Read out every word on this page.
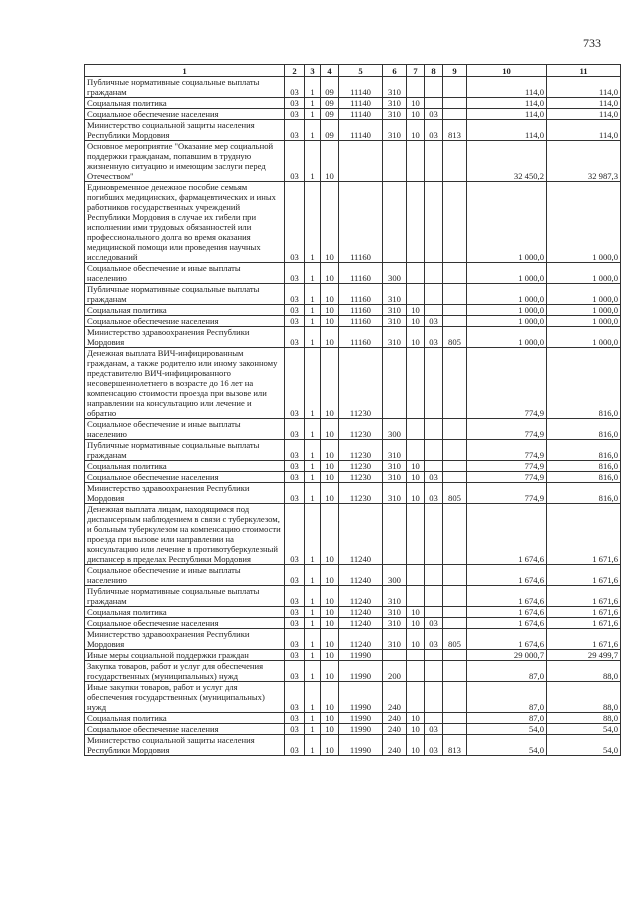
733
1	2	3	4	5	6	7	8	9	10	11
Публичные нормативные социальные выплаты гражданам	03	1	09	11140	310				114,0	114,0
Социальная политика	03	1	09	11140	310	10			114,0	114,0
Социальное обеспечение населения	03	1	09	11140	310	10	03		114,0	114,0
Министерство социальной защиты населения Республики Мордовия	03	1	09	11140	310	10	03	813	114,0	114,0
Основное мероприятие "Оказание мер социальной поддержки гражданам, попавшим в трудную жизненную ситуацию и имеющим заслуги перед Отечеством"	03	1	10						32 450,2	32 987,3
Единовременное денежное пособие семьям погибших медицинских, фармацевтических и иных работников государственных учреждений Республики Мордовия в случае их гибели при исполнении ими трудовых обязанностей или профессионального долга во время оказания медицинской помощи или проведения научных исследований	03	1	10	11160					1 000,0	1 000,0
Социальное обеспечение и иные выплаты населению	03	1	10	11160	300				1 000,0	1 000,0
Публичные нормативные социальные выплаты гражданам	03	1	10	11160	310				1 000,0	1 000,0
Социальная политика	03	1	10	11160	310	10			1 000,0	1 000,0
Социальное обеспечение населения	03	1	10	11160	310	10	03		1 000,0	1 000,0
Министерство здравоохранения Республики Мордовия	03	1	10	11160	310	10	03	805	1 000,0	1 000,0
Денежная выплата ВИЧ-инфицированным гражданам, а также родителю или иному законному представителю ВИЧ-инфицированного несовершеннолетнего в возрасте до 16 лет на компенсацию стоимости проезда при вызове или направлении на консультацию или лечение и обратно	03	1	10	11230					774,9	816,0
Социальное обеспечение и иные выплаты населению	03	1	10	11230	300				774,9	816,0
Публичные нормативные социальные выплаты гражданам	03	1	10	11230	310				774,9	816,0
Социальная политика	03	1	10	11230	310	10			774,9	816,0
Социальное обеспечение населения	03	1	10	11230	310	10	03		774,9	816,0
Министерство здравоохранения Республики Мордовия	03	1	10	11230	310	10	03	805	774,9	816,0
Денежная выплата лицам, находящимся под диспансерным наблюдением в связи с туберкулезом, и больным туберкулезом на компенсацию стоимости проезда при вызове или направлении на консультацию или лечение в противотуберкулезный диспансер в пределах Республики Мордовия	03	1	10	11240					1 674,6	1 671,6
Социальное обеспечение и иные выплаты населению	03	1	10	11240	300				1 674,6	1 671,6
Публичные нормативные социальные выплаты гражданам	03	1	10	11240	310				1 674,6	1 671,6
Социальная политика	03	1	10	11240	310	10			1 674,6	1 671,6
Социальное обеспечение населения	03	1	10	11240	310	10	03		1 674,6	1 671,6
Министерство здравоохранения Республики Мордовия	03	1	10	11240	310	10	03	805	1 674,6	1 671,6
Иные меры социальной поддержки граждан	03	1	10	11990					29 000,7	29 499,7
Закупка товаров, работ и услуг для обеспечения государственных (муниципальных) нужд	03	1	10	11990	200				87,0	88,0
Иные закупки товаров, работ и услуг для обеспечения государственных (муниципальных) нужд	03	1	10	11990	240				87,0	88,0
Социальная политика	03	1	10	11990	240	10			87,0	88,0
Социальное обеспечение населения	03	1	10	11990	240	10	03		54,0	54,0
Министерство социальной защиты населения Республики Мордовия	03	1	10	11990	240	10	03	813	54,0	54,0
